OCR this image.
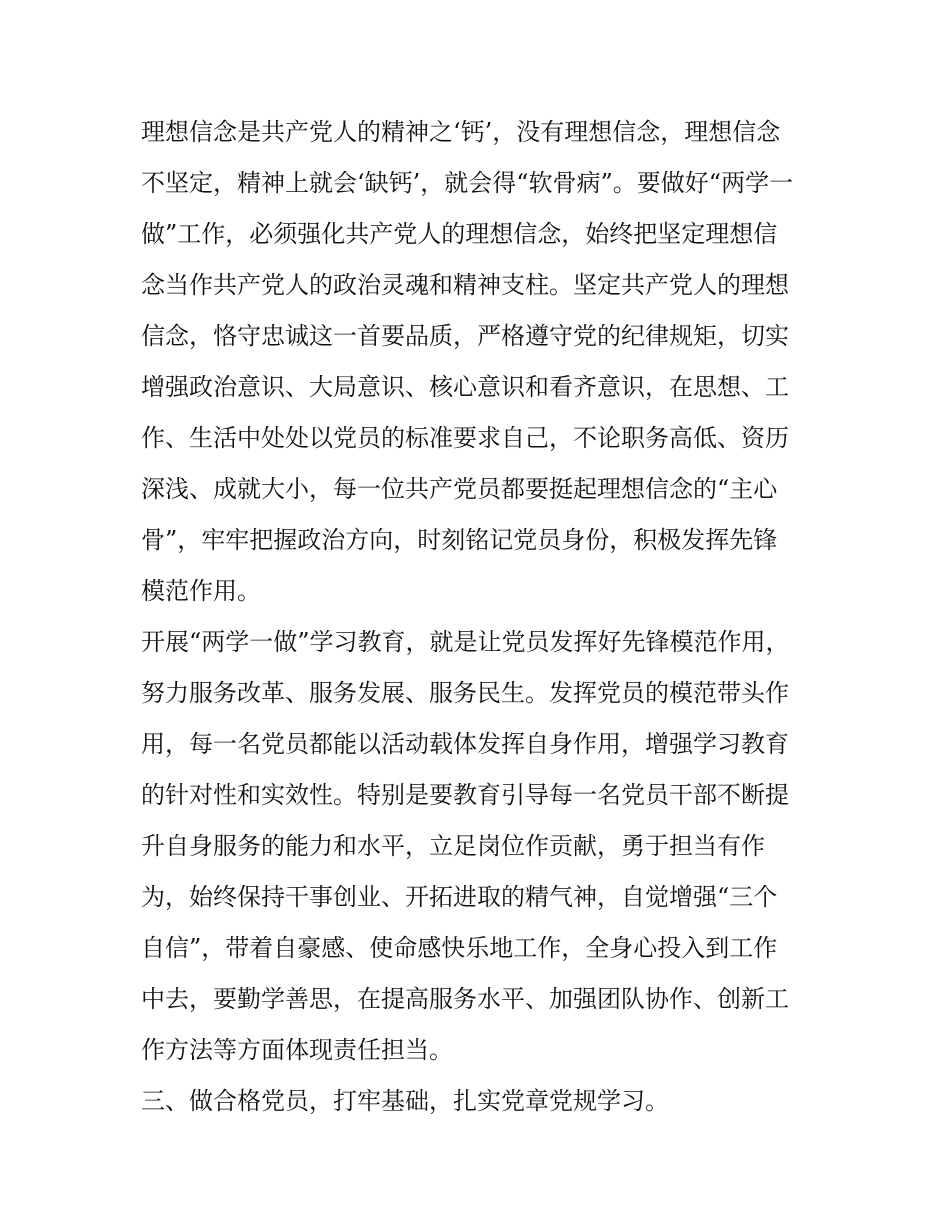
理想信念是共产党人的精神之‘钙’，没有理想信念，理想信念
不坚定，精神上就会‘缺钙’，就会得“软骨病”。要做好“两学一
做”工作，必须强化共产党人的理想信念，始终把坚定理想信
念当作共产党人的政治灵魂和精神支柱。坚定共产党人的理想
信念，恪守忠诚这一首要品质，严格遵守党的纪律规矩，切实
增强政治意识、大局意识、核心意识和看齐意识，在思想、工
作、生活中处处以党员的标准要求自己，不论职务高低、资历
深浅、成就大小，每一位共产党员都要挺起理想信念的“主心
骨”，牢牢把握政治方向，时刻铭记党员身份，积极发挥先锋
模范作用。
开展“两学一做”学习教育，就是让党员发挥好先锋模范作用，
努力服务改革、服务发展、服务民生。发挥党员的模范带头作
用，每一名党员都能以活动载体发挥自身作用，增强学习教育
的针对性和实效性。特别是要教育引导每一名党员干部不断提
升自身服务的能力和水平，立足岗位作贡献，勇于担当有作
为，始终保持干事创业、开拓进取的精气神，自觉增强“三个
自信”，带着自豪感、使命感快乐地工作，全身心投入到工作
中去，要勤学善思，在提高服务水平、加强团队协作、创新工
作方法等方面体现责任担当。
三、做合格党员，打牢基础，扎实党章党规学习。
